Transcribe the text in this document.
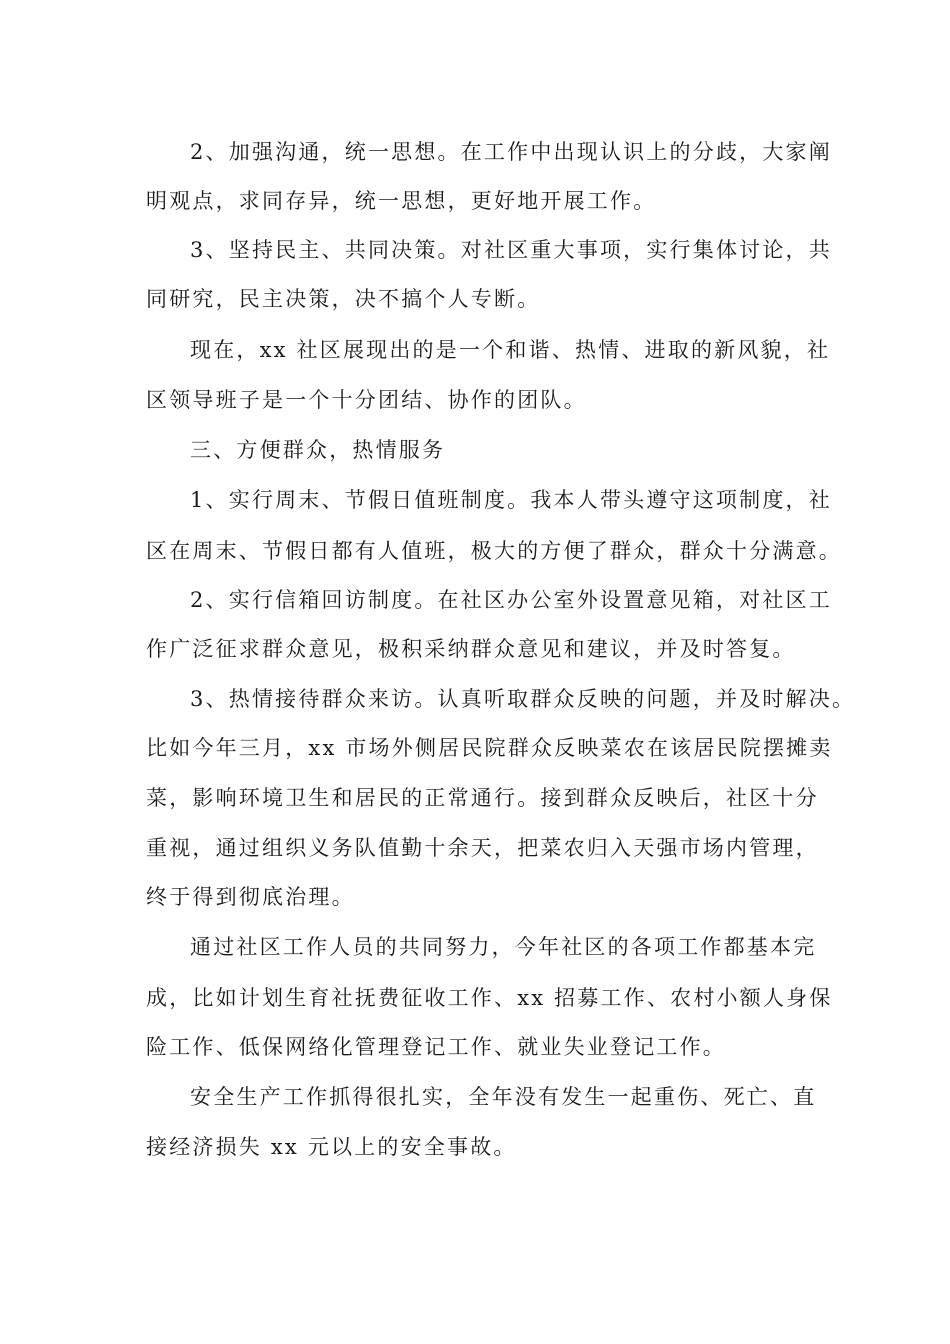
2、加强沟通，统一思想。在工作中出现认识上的分歧，大家阐
明观点，求同存异，统一思想，更好地开展工作。
3、坚持民主、共同决策。对社区重大事项，实行集体讨论，共
同研究，民主决策，决不搞个人专断。
现在，xx 社区展现出的是一个和谐、热情、进取的新风貌，社
区领导班子是一个十分团结、协作的团队。
三、方便群众，热情服务
1、实行周末、节假日值班制度。我本人带头遵守这项制度，社
区在周末、节假日都有人值班，极大的方便了群众，群众十分满意。
2、实行信箱回访制度。在社区办公室外设置意见箱，对社区工
作广泛征求群众意见，极积采纳群众意见和建议，并及时答复。
3、热情接待群众来访。认真听取群众反映的问题，并及时解决。
比如今年三月，xx 市场外侧居民院群众反映菜农在该居民院摆摊卖
菜，影响环境卫生和居民的正常通行。接到群众反映后，社区十分
重视，通过组织义务队值勤十余天，把菜农归入天强市场内管理，
终于得到彻底治理。
通过社区工作人员的共同努力，今年社区的各项工作都基本完
成，比如计划生育社抚费征收工作、xx 招募工作、农村小额人身保
险工作、低保网络化管理登记工作、就业失业登记工作。
安全生产工作抓得很扎实，全年没有发生一起重伤、死亡、直
接经济损失 xx 元以上的安全事故。
